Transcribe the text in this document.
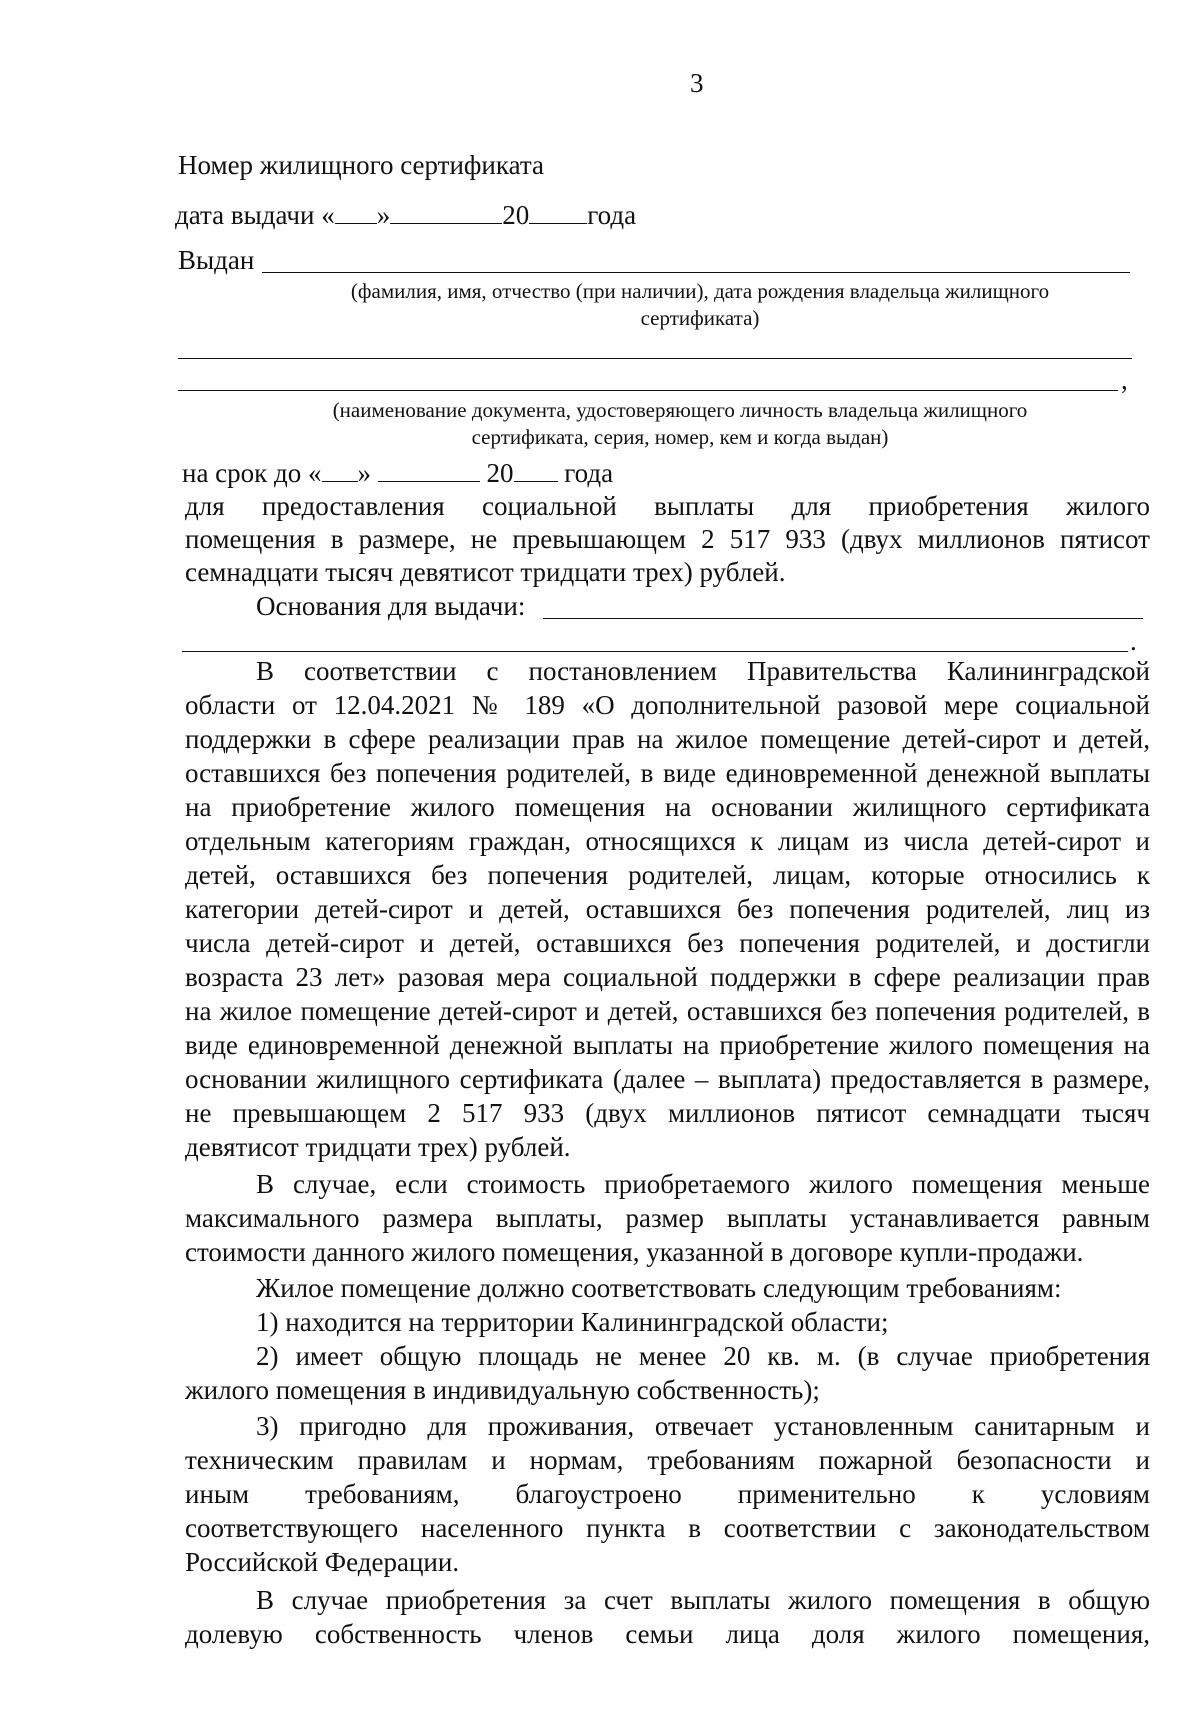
3
Номер жилищного сертификата
дата выдачи « »	20 года
Выдан
(фамилия, имя, отчество (при наличии), дата рождения владельца жилищного
сертификата)
,
(наименование документа, удостоверяющего личность владельца жилищного
сертификата, серия, номер, кем и когда выдан)
на срок до « »	20 года
для предоставления социальной выплаты для приобретения жилого
помещения в размере, не превышающем 2 517 933 (двух миллионов пятисот
семнадцати тысяч девятисот тридцати трех) рублей.
Основания для выдачи:
.
В соответствии с постановлением Правительства Калининградской
области от 12.04.2021 № 189 «О дополнительной разовой мере социальной
поддержки в сфере реализации прав на жилое помещение детей-сирот и детей,
оставшихся без попечения родителей, в виде единовременной денежной выплаты
на приобретение жилого помещения на основании жилищного сертификата
отдельным категориям граждан, относящихся к лицам из числа детей-сирот и
детей, оставшихся без попечения родителей, лицам, которые относились к
категории детей-сирот и детей, оставшихся без попечения родителей, лиц из
числа детей-сирот и детей, оставшихся без попечения родителей, и достигли
возраста 23 лет» разовая мера социальной поддержки в сфере реализации прав
на жилое помещение детей-сирот и детей, оставшихся без попечения родителей, в
виде единовременной денежной выплаты на приобретение жилого помещения на
основании жилищного сертификата (далее – выплата) предоставляется в размере,
не превышающем 2 517 933 (двух миллионов пятисот семнадцати тысяч
девятисот тридцати трех) рублей.
В случае, если стоимость приобретаемого жилого помещения меньше
максимального размера выплаты, размер выплаты устанавливается равным
стоимости данного жилого помещения, указанной в договоре купли-продажи.
Жилое помещение должно соответствовать следующим требованиям:
1) находится на территории Калининградской области;
2) имеет общую площадь не менее 20 кв. м. (в случае приобретения
жилого помещения в индивидуальную собственность);
3) пригодно для проживания, отвечает установленным санитарным и
техническим правилам и нормам, требованиям пожарной безопасности и
иным требованиям, благоустроено применительно к условиям
соответствующего населенного пункта в соответствии с законодательством
Российской Федерации.
В случае приобретения за счет выплаты жилого помещения в общую
долевую собственность членов семьи лица доля жилого помещения,
